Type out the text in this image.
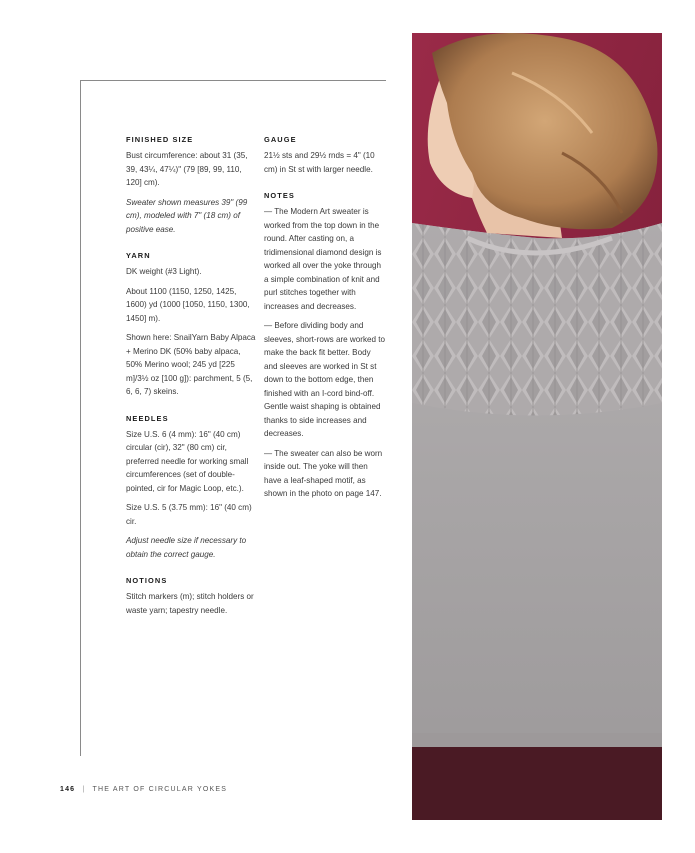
FINISHED SIZE
Bust circumference: about 31 (35, 39, 43¼, 47¼)" (79 [89, 99, 110, 120] cm).
Sweater shown measures 39" (99 cm), modeled with 7" (18 cm) of positive ease.
YARN
DK weight (#3 Light).
About 1100 (1150, 1250, 1425, 1600) yd (1000 [1050, 1150, 1300, 1450] m).
Shown here: SnailYarn Baby Alpaca + Merino DK (50% baby alpaca, 50% Merino wool; 245 yd [225 m]/3½ oz [100 g]): parchment, 5 (5, 6, 6, 7) skeins.
NEEDLES
Size U.S. 6 (4 mm): 16" (40 cm) circular (cir), 32" (80 cm) cir, preferred needle for working small circumferences (set of double-pointed, cir for Magic Loop, etc.).
Size U.S. 5 (3.75 mm): 16" (40 cm) cir.
Adjust needle size if necessary to obtain the correct gauge.
NOTIONS
Stitch markers (m); stitch holders or waste yarn; tapestry needle.
GAUGE
21½ sts and 29½ rnds = 4" (10 cm) in St st with larger needle.
NOTES
— The Modern Art sweater is worked from the top down in the round. After casting on, a tridimensional diamond design is worked all over the yoke through a simple combination of knit and purl stitches together with increases and decreases.
— Before dividing body and sleeves, short-rows are worked to make the back fit better. Body and sleeves are worked in St st down to the bottom edge, then finished with an I-cord bind-off. Gentle waist shaping is obtained thanks to side increases and decreases.
— The sweater can also be worn inside out. The yoke will then have a leaf-shaped motif, as shown in the photo on page 147.
146 | THE ART OF CIRCULAR YOKES
